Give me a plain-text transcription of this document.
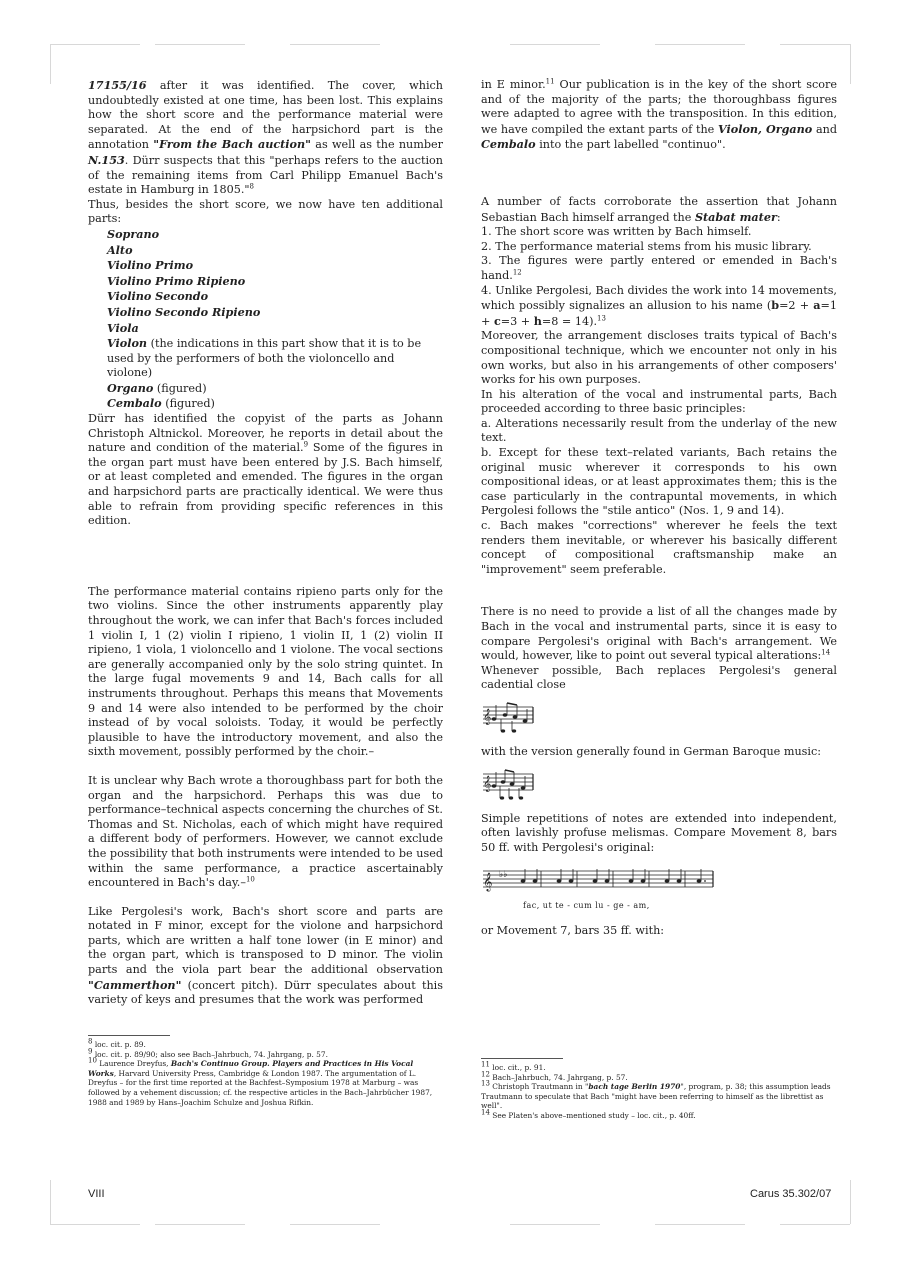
17155/16 after it was identified. The cover, which undoubtedly existed at one time, has been lost. This explains how the short score and the performance material were separated. At the end of the harpsichord part is the annotation "From the Bach auction" as well as the number N.153. Dürr suspects that this "perhaps refers to the auction of the remaining items from Carl Philipp Emanuel Bach's estate in Hamburg in 1805."$^8$

Thus, besides the short score, we now have ten additional parts:

Soprano

Alto

Violino Primo

Violino Primo Ripieno

Violino Secondo

Violino Secondo Ripieno

Viola

Violon (the indications in this part show that it is to be used by the performers of both the violoncello and violone)

Organo (figured)

Cembalo (figured)

Dürr has identified the copyist of the parts as Johann Christoph Altnickol. Moreover, he reports in detail about the nature and condition of the material.$^9$ Some of the figures in the organ part must have been entered by J.S. Bach himself, or at least completed and emended. The figures in the organ and harpsichord parts are practically identical. We were thus able to refrain from providing specific references in this edition.

The performance material contains ripieno parts only for the two violins. Since the other instruments apparently play throughout the work, we can infer that Bach's forces included 1 violin I, 1 (2) violin I ripieno, 1 violin II, 1 (2) violin II ripieno, 1 viola, 1 violoncello and 1 violone. The vocal sections are generally accompanied only by the solo string quintet. In the large fugal movements 9 and 14, Bach calls for all instruments throughout. Perhaps this means that Movements 9 and 14 were also intended to be performed by the choir instead of by vocal soloists. Today, it would be perfectly plausible to have the introductory movement, and also the sixth movement, possibly performed by the choir.–

It is unclear why Bach wrote a thoroughbass part for both the organ and the harpsichord. Perhaps this was due to performance–technical aspects concerning the churches of St. Thomas and St. Nicholas, each of which might have required a different body of performers. However, we cannot exclude the possibility that both instruments were intended to be used within the same performance, a practice ascertainably encountered in Bach's day.–$^{10}$

Like Pergolesi's work, Bach's short score and parts are notated in F minor, except for the violone and harpsichord parts, which are written a half tone lower (in E minor) and the organ part, which is transposed to D minor. The violin parts and the viola part bear the additional observation "Cammerthon" (concert pitch). Dürr speculates about this variety of keys and presumes that the work was performed

in E minor.$^{11}$ Our publication is in the key of the short score and of the majority of the parts; the thoroughbass figures were adapted to agree with the transposition. In this edition, we have compiled the extant parts of the Violon, Organo and Cembalo into the part labelled "continuo".

A number of facts corroborate the assertion that Johann Sebastian Bach himself arranged the Stabat mater:

1. The short score was written by Bach himself.

2. The performance material stems from his music library.

3. The figures were partly entered or emended in Bach's hand.$^{12}$

4. Unlike Pergolesi, Bach divides the work into 14 movements, which possibly signalizes an allusion to his name (b=2 + a=1 + c=3 + h=8 = 14).$^{13}$

Moreover, the arrangement discloses traits typical of Bach's compositional technique, which we encounter not only in his own works, but also in his arrangements of other composers' works for his own purposes.

In his alteration of the vocal and instrumental parts, Bach proceeded according to three basic principles:

a. Alterations necessarily result from the underlay of the new text.

b. Except for these text–related variants, Bach retains the original music wherever it corresponds to his own compositional ideas, or at least approximates them; this is the case particularly in the contrapuntal movements, in which Pergolesi follows the "stile antico" (Nos. 1, 9 and 14).

c. Bach makes "corrections" wherever he feels the text renders them inevitable, or wherever his basically different concept of compositional craftsmanship make an "improvement" seem preferable.

There is no need to provide a list of all the changes made by Bach in the vocal and instrumental parts, since it is easy to compare Pergolesi's original with Bach's arrangement. We would, however, like to point out several typical alterations:$^{14}$

Whenever possible, Bach replaces Pergolesi's general cadential close

𝄞

with the version generally found in German Baroque music:

𝄞

Simple repetitions of notes are extended into independent, often lavishly profuse melismas. Compare Movement 8, bars 50 ff. with Pergolesi's original:

𝄞 ♭♭
fac, ut te - cum lu - ge - am,

or Movement 7, bars 35 ff. with:

$^8$ loc. cit. p. 89.

$^9$ loc. cit. p. 89/90; also see Bach–Jahrbuch, 74. Jahrgang, p. 57.

$^{10}$ Laurence Dreyfus, Bach's Continuo Group. Players and Practices in His Vocal Works, Harvard University Press, Cambridge & London 1987. The argumentation of L. Dreyfus – for the first time reported at the Bachfest–Symposium 1978 at Marburg – was followed by a vehement discussion; cf. the respective articles in the Bach–Jahrbücher 1987, 1988 and 1989 by Hans–Joachim Schulze and Joshua Rifkin.

$^{11}$ loc. cit., p. 91.

$^{12}$ Bach–Jahrbuch, 74. Jahrgang, p. 57.

$^{13}$ Christoph Trautmann in "bach tage Berlin 1970", program, p. 38; this assumption leads Trautmann to speculate that Bach "might have been referring to himself as the librettist as well".

$^{14}$ See Platen's above–mentioned study – loc. cit., p. 40ff.

VIII	Carus 35.302/07
